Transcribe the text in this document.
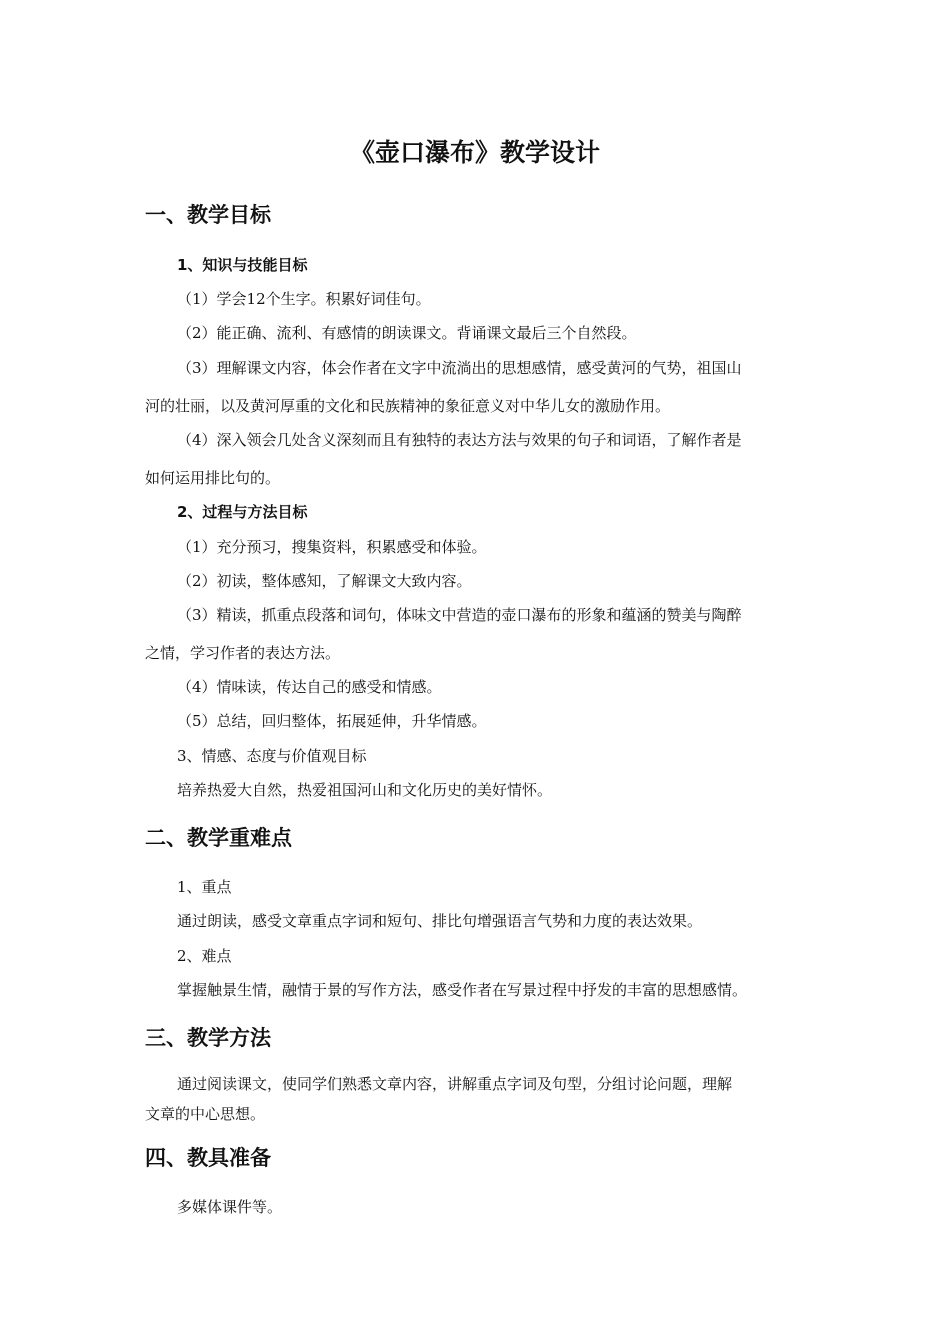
《壶口瀑布》教学设计
一、教学目标
1、知识与技能目标
（1）学会12个生字。积累好词佳句。
（2）能正确、流利、有感情的朗读课文。背诵课文最后三个自然段。
（3）理解课文内容，体会作者在文字中流淌出的思想感情，感受黄河的气势，祖国山
河的壮丽，以及黄河厚重的文化和民族精神的象征意义对中华儿女的激励作用。
（4）深入领会几处含义深刻而且有独特的表达方法与效果的句子和词语，了解作者是
如何运用排比句的。
2、过程与方法目标
（1）充分预习，搜集资料，积累感受和体验。
（2）初读，整体感知，了解课文大致内容。
（3）精读，抓重点段落和词句，体味文中营造的壶口瀑布的形象和蕴涵的赞美与陶醉
之情，学习作者的表达方法。
（4）情味读，传达自己的感受和情感。
（5）总结，回归整体，拓展延伸，升华情感。
3、情感、态度与价值观目标
培养热爱大自然，热爱祖国河山和文化历史的美好情怀。
二、教学重难点
1、重点
通过朗读，感受文章重点字词和短句、排比句增强语言气势和力度的表达效果。
2、难点
掌握触景生情，融情于景的写作方法，感受作者在写景过程中抒发的丰富的思想感情。
三、教学方法
通过阅读课文，使同学们熟悉文章内容，讲解重点字词及句型，分组讨论问题，理解
文章的中心思想。
四、教具准备
多媒体课件等。
